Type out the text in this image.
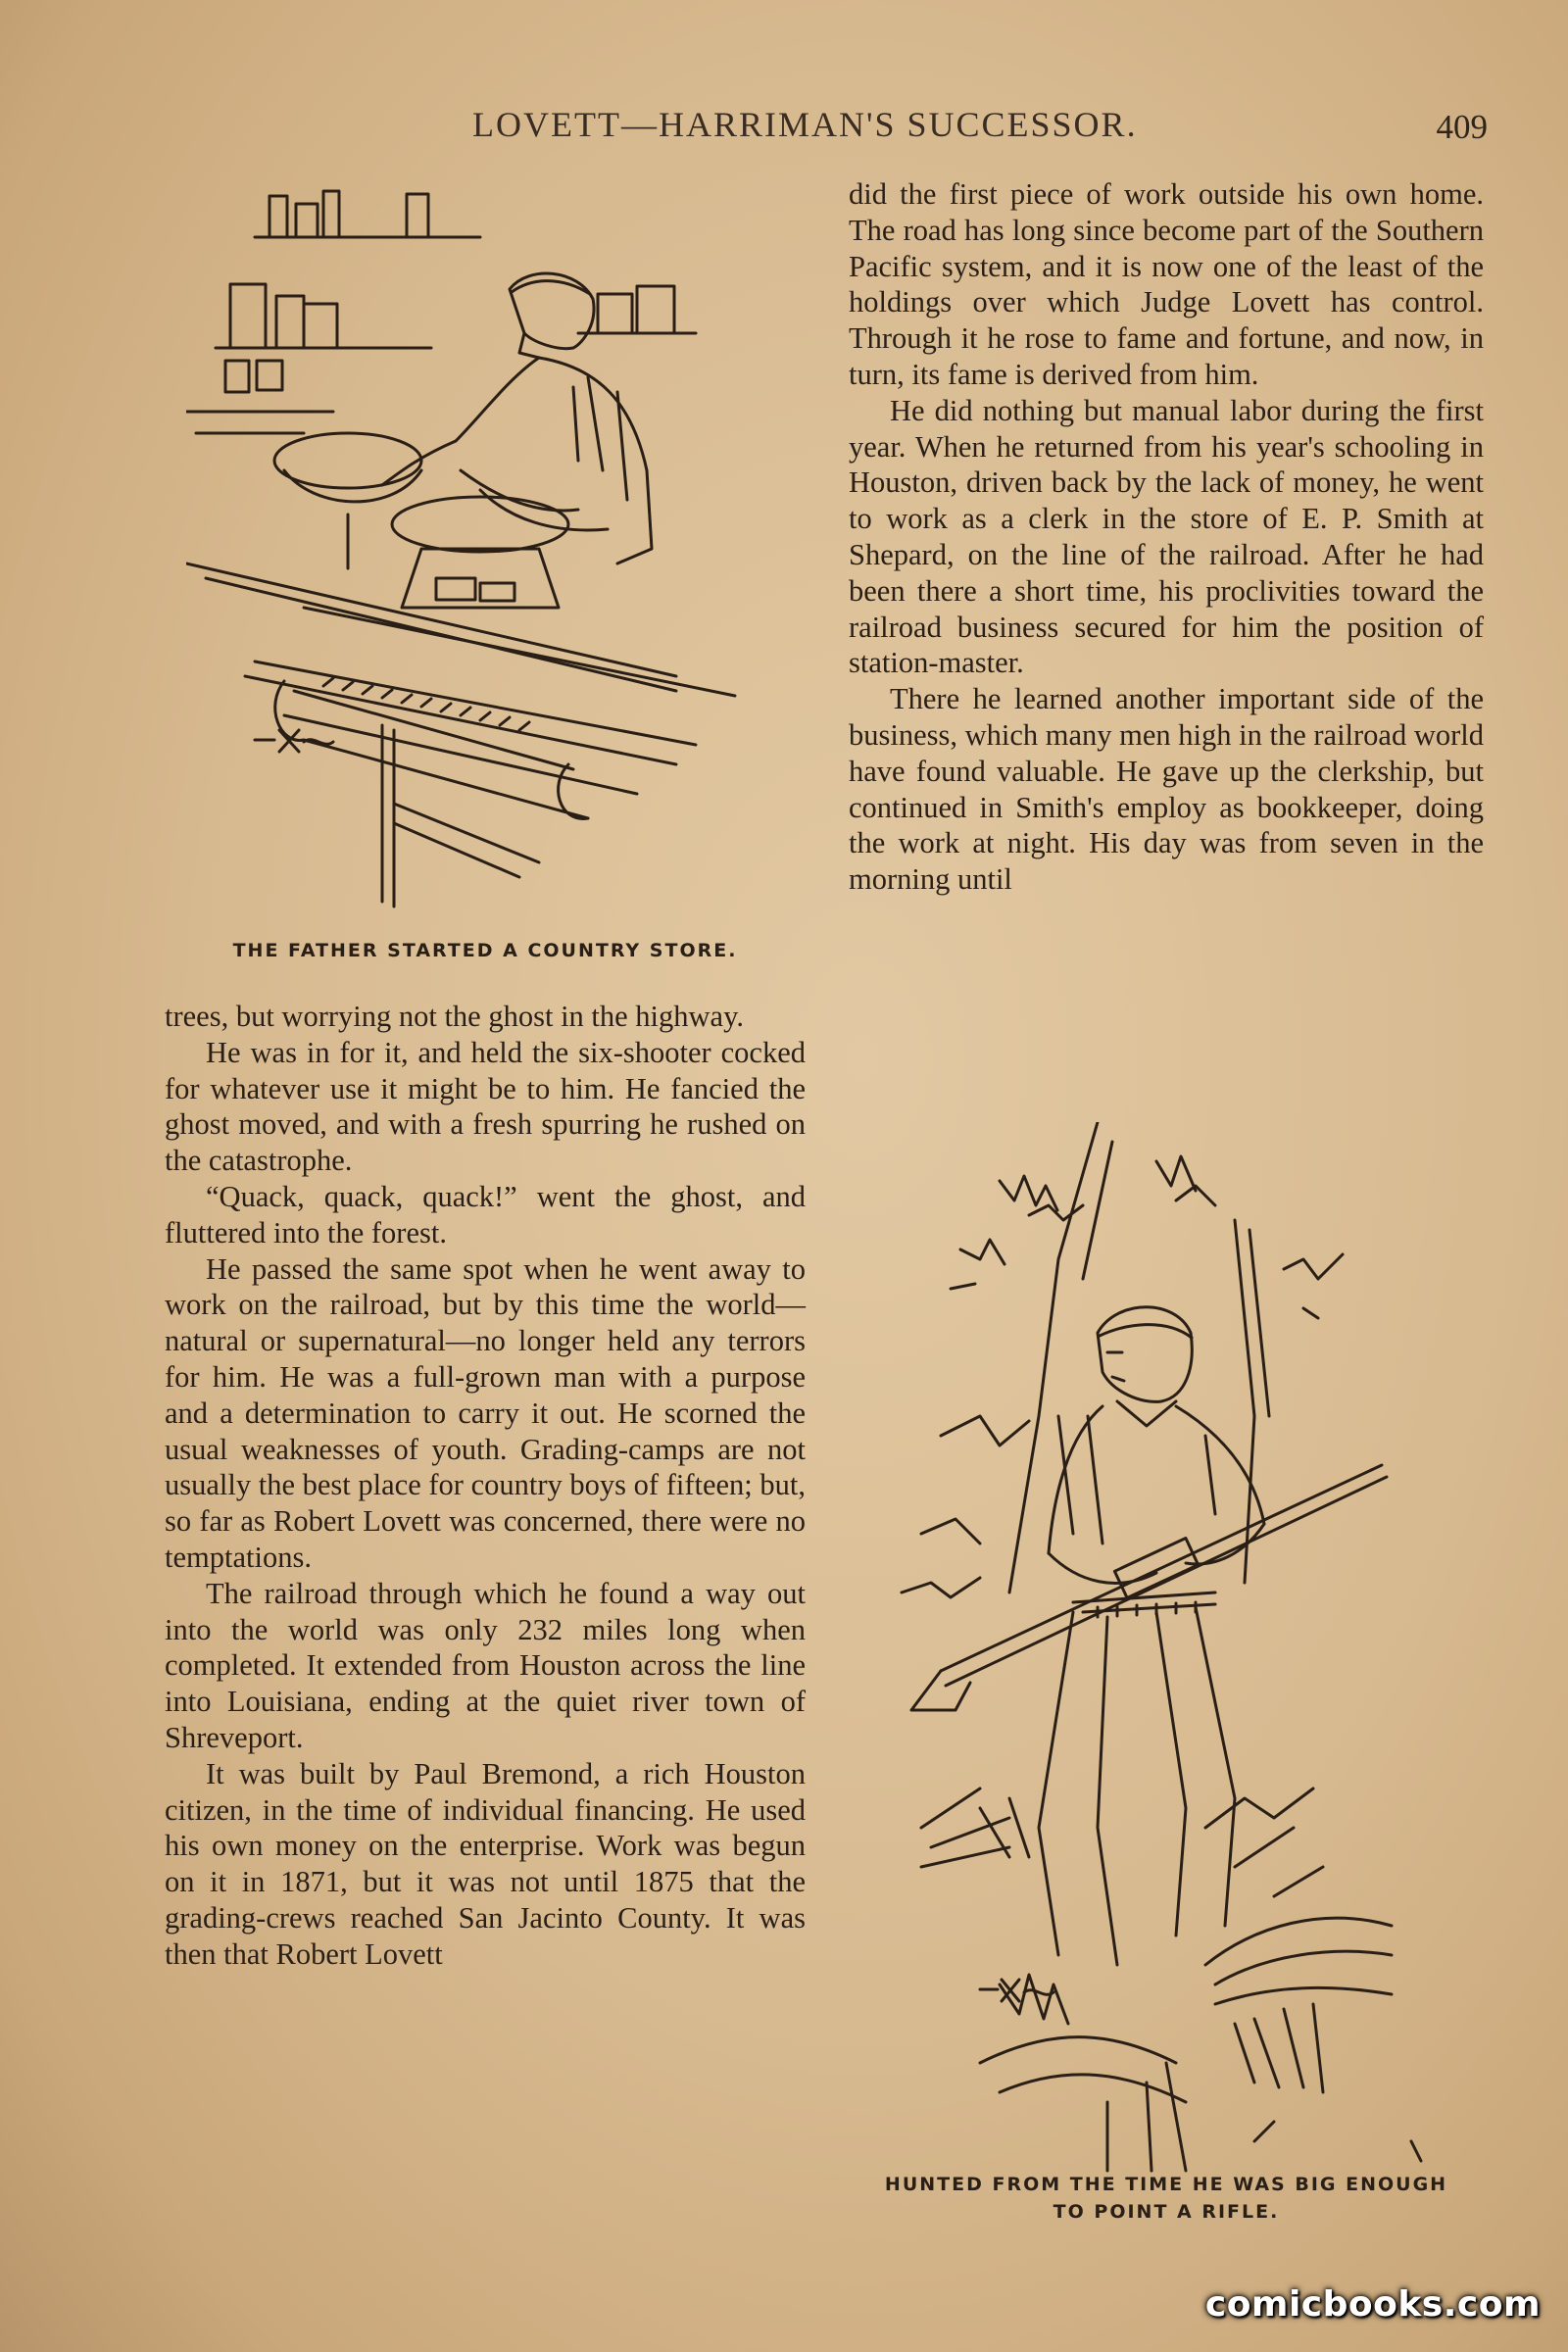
LOVETT—HARRIMAN'S SUCCESSOR.	409
THE FATHER STARTED A COUNTRY STORE.

did the first piece of work outside his own home. The road has long since become part of the Southern Pacific system, and it is now one of the least of the holdings over which Judge Lovett has control. Through it he rose to fame and fortune, and now, in turn, its fame is derived from him.

He did nothing but manual labor during the first year. When he returned from his year's schooling in Houston, driven back by the lack of money, he went to work as a clerk in the store of E. P. Smith at Shepard, on the line of the railroad. After he had been there a short time, his proclivities toward the railroad business secured for him the position of station-master.

There he learned another important side of the business, which many men high in the railroad world have found valuable. He gave up the clerkship, but continued in Smith's employ as bookkeeper, doing the work at night. His day was from seven in the morning until

trees, but worrying not the ghost in the highway.

He was in for it, and held the six-shooter cocked for whatever use it might be to him. He fancied the ghost moved, and with a fresh spurring he rushed on the catastrophe.

“Quack, quack, quack!” went the ghost, and fluttered into the forest.

He passed the same spot when he went away to work on the railroad, but by this time the world—natural or supernatural—no longer held any terrors for him. He was a full-grown man with a purpose and a determination to carry it out. He scorned the usual weaknesses of youth. Grading-camps are not usually the best place for country boys of fifteen; but, so far as Robert Lovett was concerned, there were no temptations.

The railroad through which he found a way out into the world was only 232 miles long when completed. It extended from Houston across the line into Louisiana, ending at the quiet river town of Shreveport.

It was built by Paul Bremond, a rich Houston citizen, in the time of individual financing. He used his own money on the enterprise. Work was begun on it in 1871, but it was not until 1875 that the grading-crews reached San Jacinto County. It was then that Robert Lovett

HUNTED FROM THE TIME HE WAS BIG ENOUGH
TO POINT A RIFLE.
comicbooks.com
